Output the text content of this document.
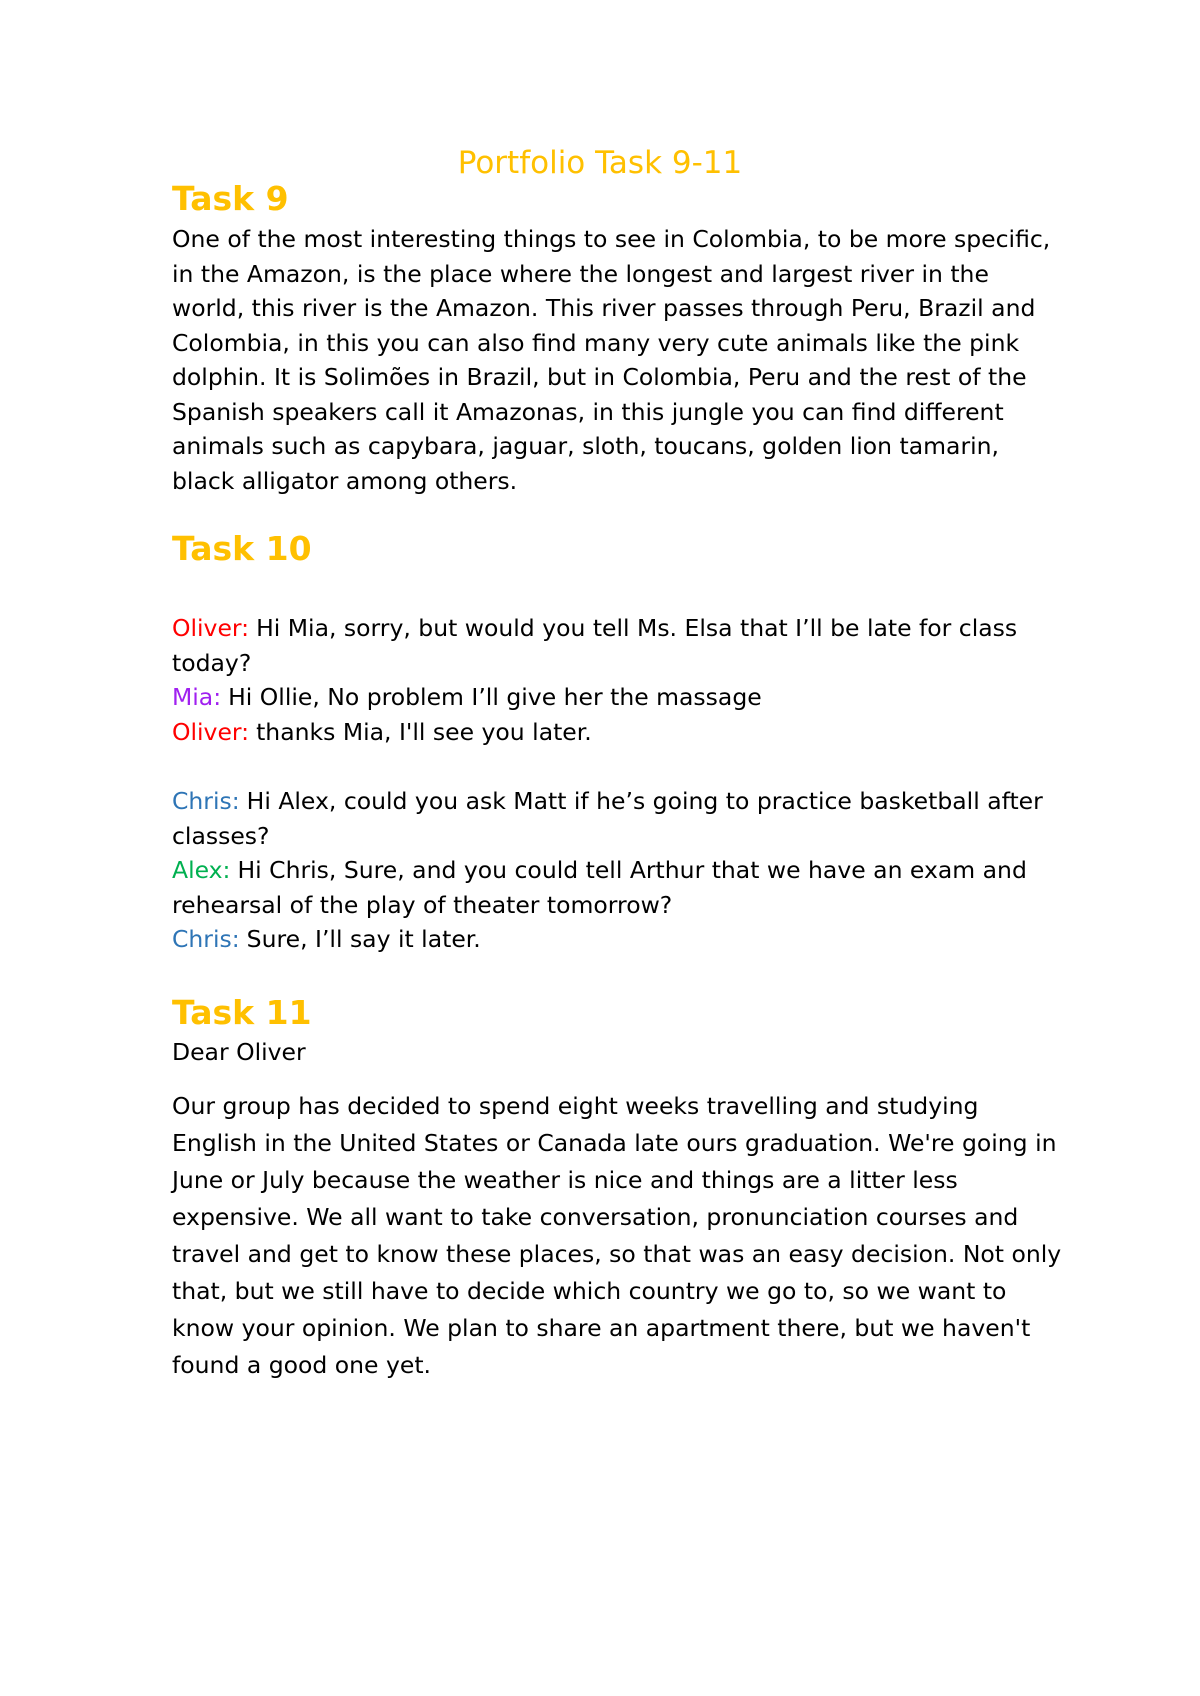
Portfolio Task 9-11
Task 9
One of the most interesting things to see in Colombia, to be more specific,
in the Amazon, is the place where the longest and largest river in the
world, this river is the Amazon. This river passes through Peru, Brazil and
Colombia, in this you can also find many very cute animals like the pink
dolphin. It is Solimões in Brazil, but in Colombia, Peru and the rest of the
Spanish speakers call it Amazonas, in this jungle you can find different
animals such as capybara, jaguar, sloth, toucans, golden lion tamarin,
black alligator among others.
Task 10
Oliver: Hi Mia, sorry, but would you tell Ms. Elsa that I’ll be late for class
today?
Mia: Hi Ollie, No problem I’ll give her the massage
Oliver: thanks Mia, I'll see you later.
Chris: Hi Alex, could you ask Matt if he’s going to practice basketball after
classes?
Alex: Hi Chris, Sure, and you could tell Arthur that we have an exam and
rehearsal of the play of theater tomorrow?
Chris: Sure, I’ll say it later.
Task 11
Dear Oliver
Our group has decided to spend eight weeks travelling and studying
English in the United States or Canada late ours graduation. We're going in
June or July because the weather is nice and things are a litter less
expensive. We all want to take conversation, pronunciation courses and
travel and get to know these places, so that was an easy decision. Not only
that, but we still have to decide which country we go to, so we want to
know your opinion. We plan to share an apartment there, but we haven't
found a good one yet.
